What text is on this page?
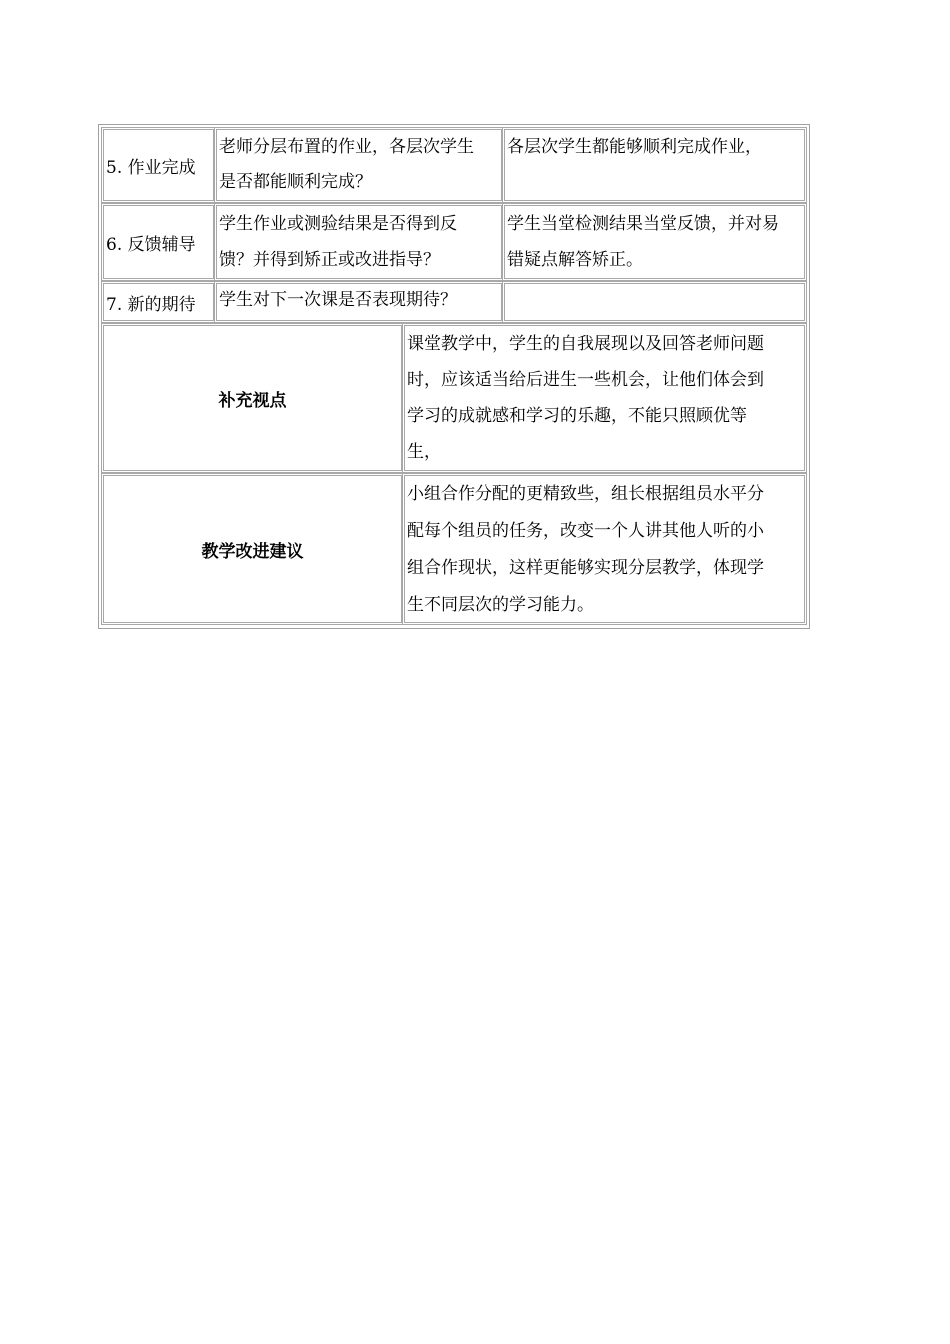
5. 作业完成
老师分层布置的作业，各层次学生
是否都能顺利完成？
各层次学生都能够顺利完成作业，
6. 反馈辅导
学生作业或测验结果是否得到反
馈？并得到矫正或改进指导？
学生当堂检测结果当堂反馈，并对易
错疑点解答矫正。
7. 新的期待 学生对下一次课是否表现期待？
补充视点
课堂教学中，学生的自我展现以及回答老师问题
时，应该适当给后进生一些机会，让他们体会到
学习的成就感和学习的乐趣，不能只照顾优等
生，
教学改进建议
小组合作分配的更精致些，组长根据组员水平分
配每个组员的任务，改变一个人讲其他人听的小
组合作现状，这样更能够实现分层教学，体现学
生不同层次的学习能力。
